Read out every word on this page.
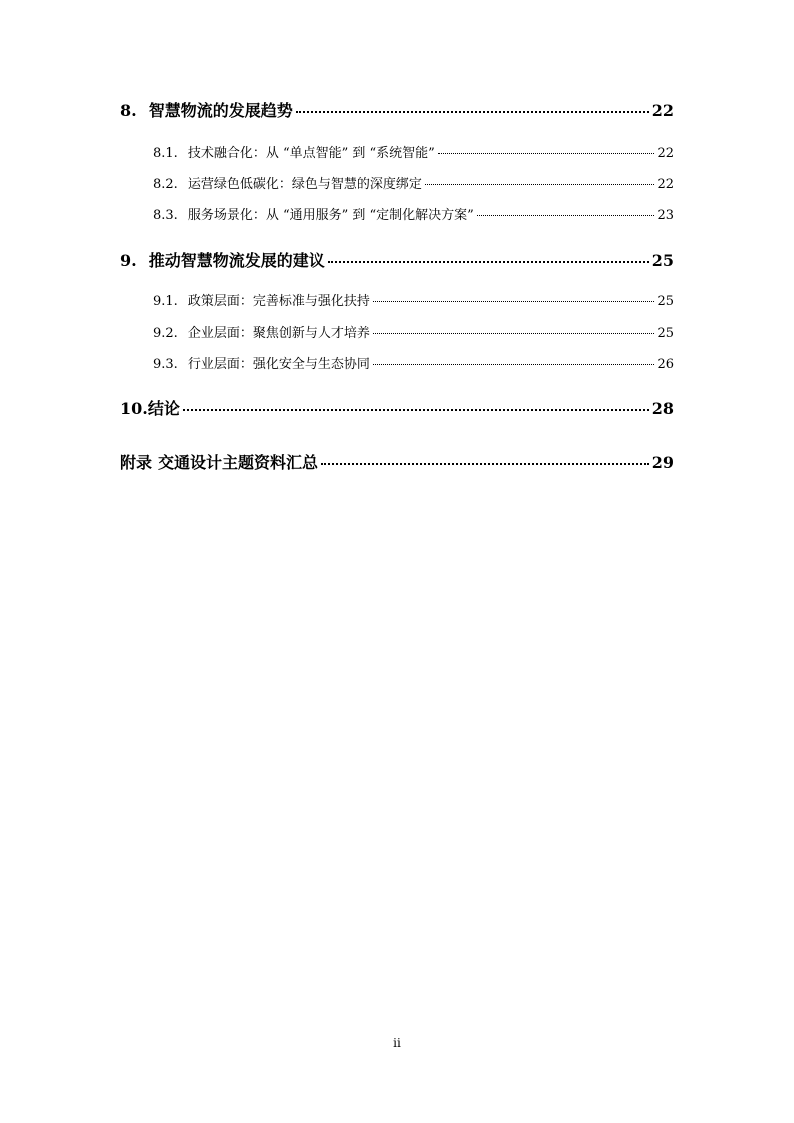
8. 智慧物流的发展趋势	22
8.1. 技术融合化：从 “单点智能” 到 “系统智能”	22
8.2. 运营绿色低碳化：绿色与智慧的深度绑定	22
8.3. 服务场景化：从 “通用服务” 到 “定制化解决方案”	23
9. 推动智慧物流发展的建议	25
9.1. 政策层面：完善标准与强化扶持	25
9.2. 企业层面：聚焦创新与人才培养	25
9.3. 行业层面：强化安全与生态协同	26
10. 结论	28
附录 交通设计主题资料汇总	29
ii
